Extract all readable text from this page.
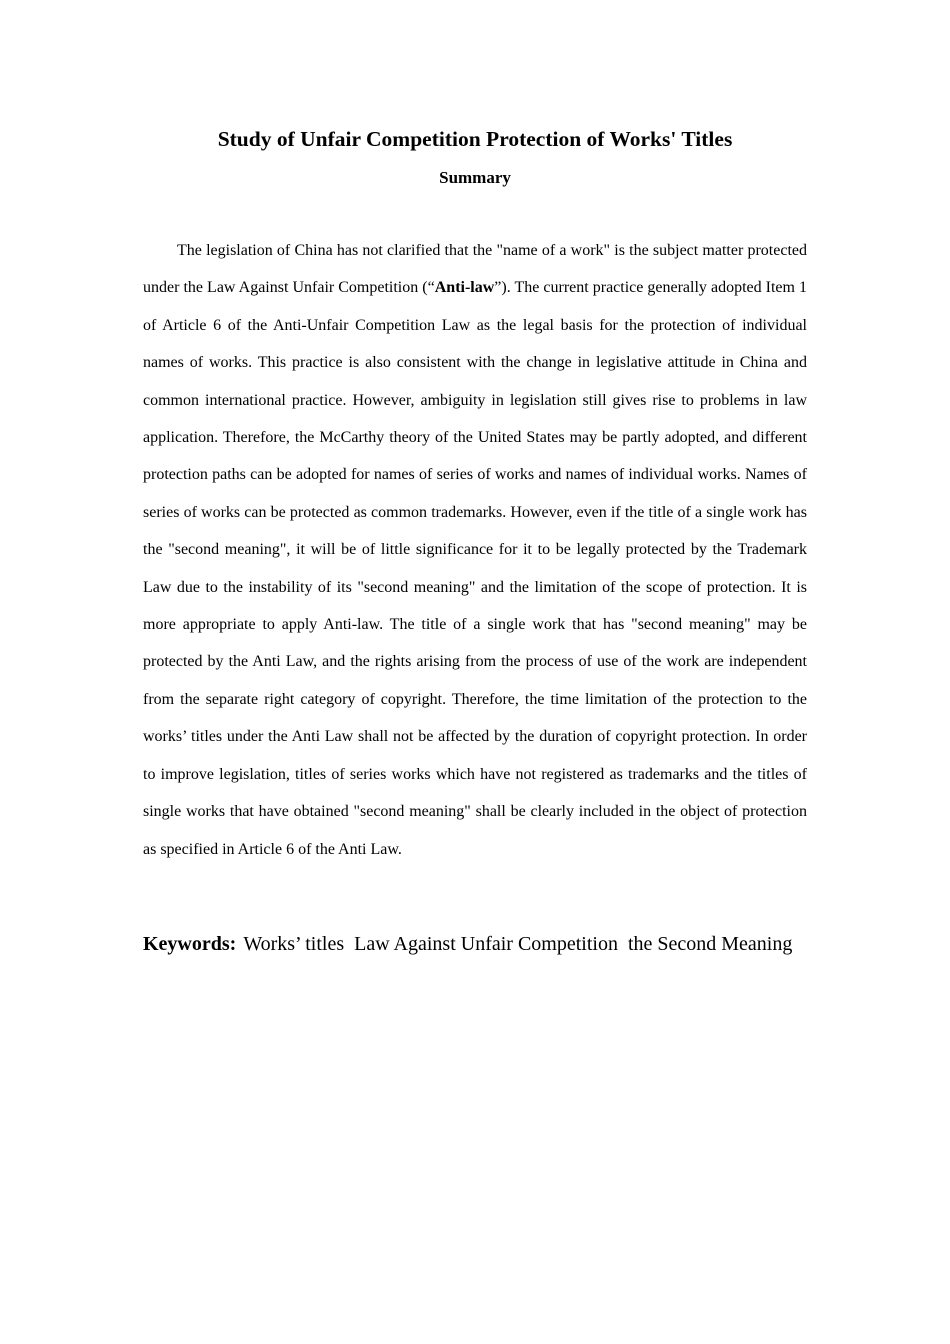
Study of Unfair Competition Protection of Works' Titles
Summary

The legislation of China has not clarified that the "name of a work" is the subject matter protected under the Law Against Unfair Competition (“Anti-law”). The current practice generally adopted Item 1 of Article 6 of the Anti-Unfair Competition Law as the legal basis for the protection of individual names of works. This practice is also consistent with the change in legislative attitude in China and common international practice. However, ambiguity in legislation still gives rise to problems in law application. Therefore, the McCarthy theory of the United States may be partly adopted, and different protection paths can be adopted for names of series of works and names of individual works. Names of series of works can be protected as common trademarks. However, even if the title of a single work has the "second meaning", it will be of little significance for it to be legally protected by the Trademark Law due to the instability of its "second meaning" and the limitation of the scope of protection. It is more appropriate to apply Anti-law. The title of a single work that has "second meaning" may be protected by the Anti Law, and the rights arising from the process of use of the work are independent from the separate right category of copyright. Therefore, the time limitation of the protection to the works’ titles under the Anti Law shall not be affected by the duration of copyright protection. In order to improve legislation, titles of series works which have not registered as trademarks and the titles of single works that have obtained "second meaning" shall be clearly included in the object of protection as specified in Article 6 of the Anti Law.

Keywords: Works’ titles  Law Against Unfair Competition  the Second Meaning
